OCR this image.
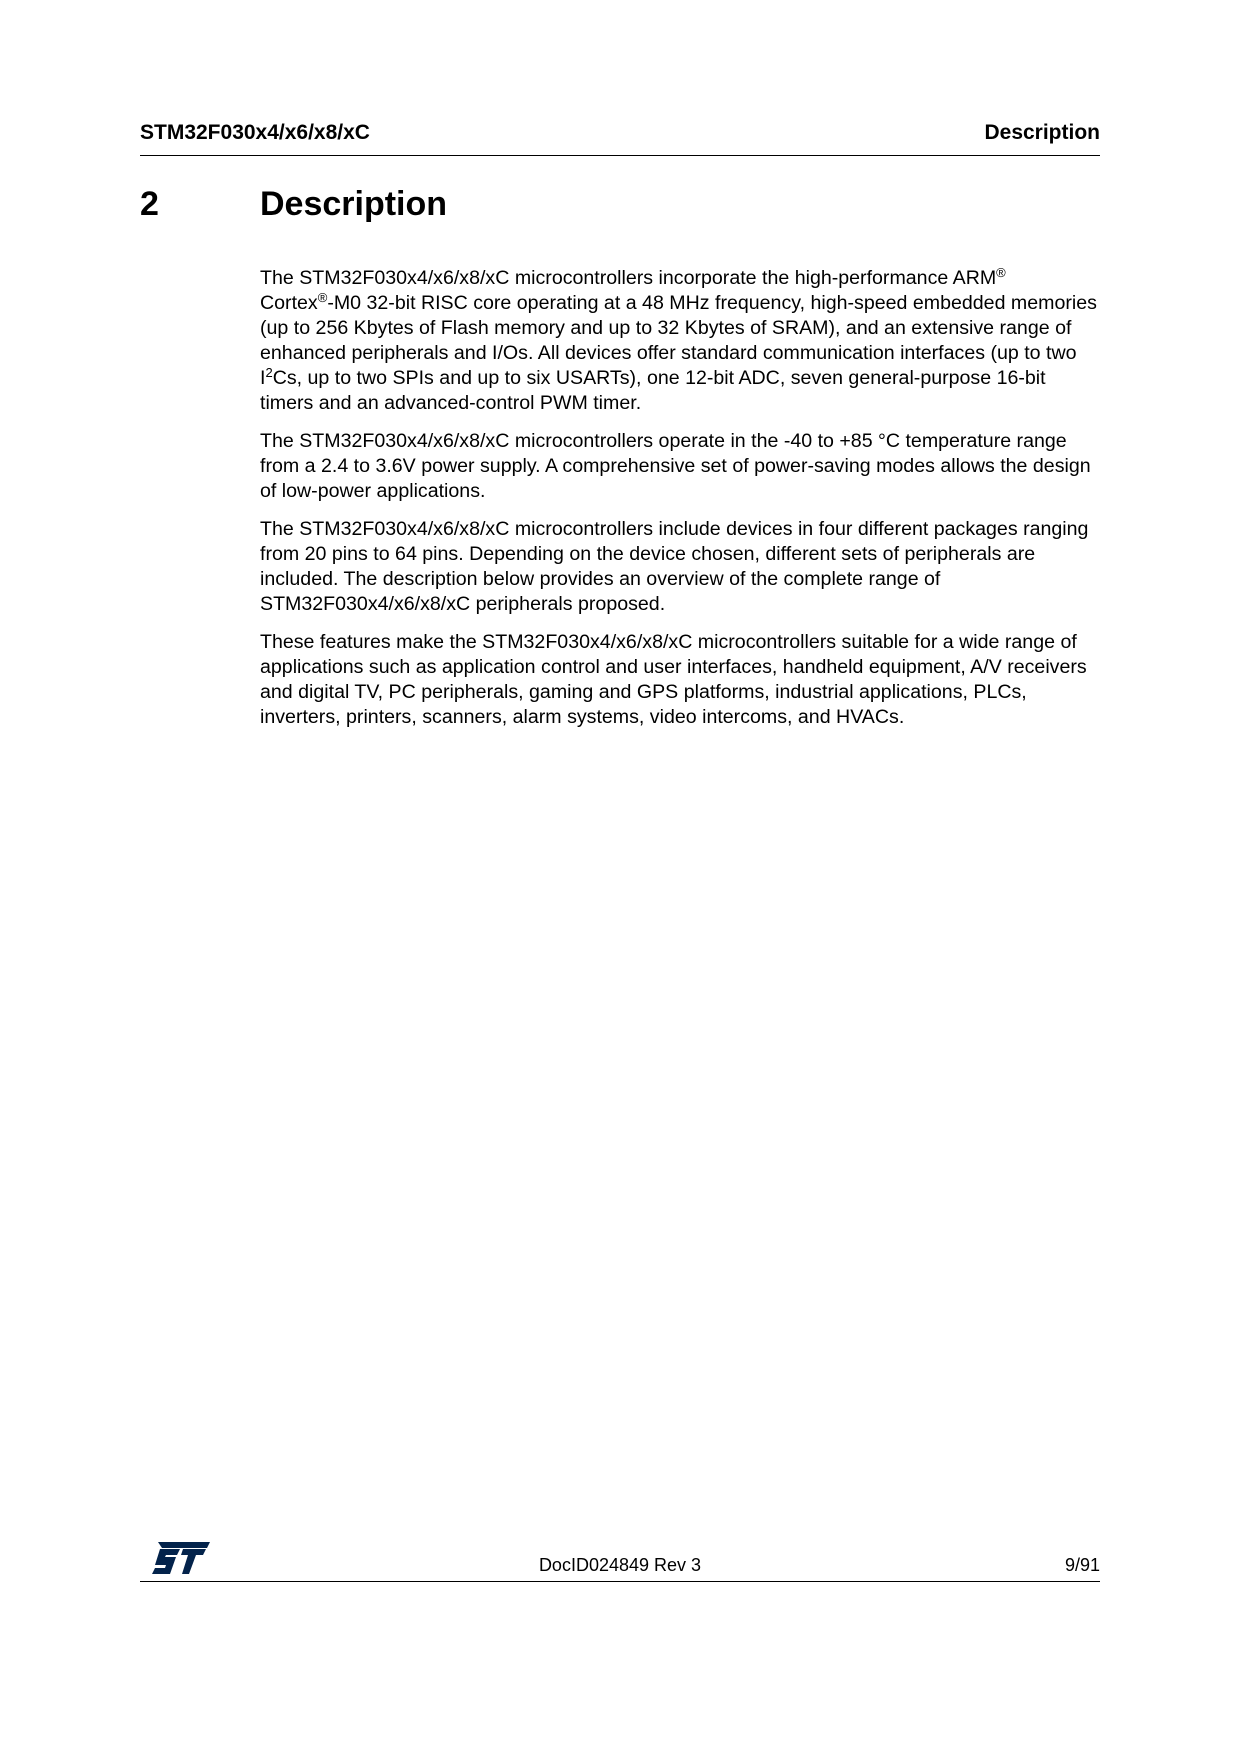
STM32F030x4/x6/x8/xC	Description
2	Description

The STM32F030x4/x6/x8/xC microcontrollers incorporate the high-performance ARM®
Cortex®-M0 32-bit RISC core operating at a 48 MHz frequency, high-speed embedded memories (up to 256 Kbytes of Flash memory and up to 32 Kbytes of SRAM), and an extensive range of enhanced peripherals and I/Os. All devices offer standard communication interfaces (up to two $I^2Cs$, up to two SPIs and up to six USARTs), one 12-bit ADC, seven general-purpose 16-bit timers and an advanced-control PWM timer.

The STM32F030x4/x6/x8/xC microcontrollers operate in the -40 to +85 °C temperature range from a 2.4 to 3.6V power supply. A comprehensive set of power-saving modes allows the design of low-power applications.

The STM32F030x4/x6/x8/xC microcontrollers include devices in four different packages ranging from 20 pins to 64 pins. Depending on the device chosen, different sets of peripherals are included. The description below provides an overview of the complete range of STM32F030x4/x6/x8/xC peripherals proposed.

These features make the STM32F030x4/x6/x8/xC microcontrollers suitable for a wide range of applications such as application control and user interfaces, handheld equipment, A/V receivers and digital TV, PC peripherals, gaming and GPS platforms, industrial applications, PLCs, inverters, printers, scanners, alarm systems, video intercoms, and HVACs.

DocID024849 Rev 3	9/91
